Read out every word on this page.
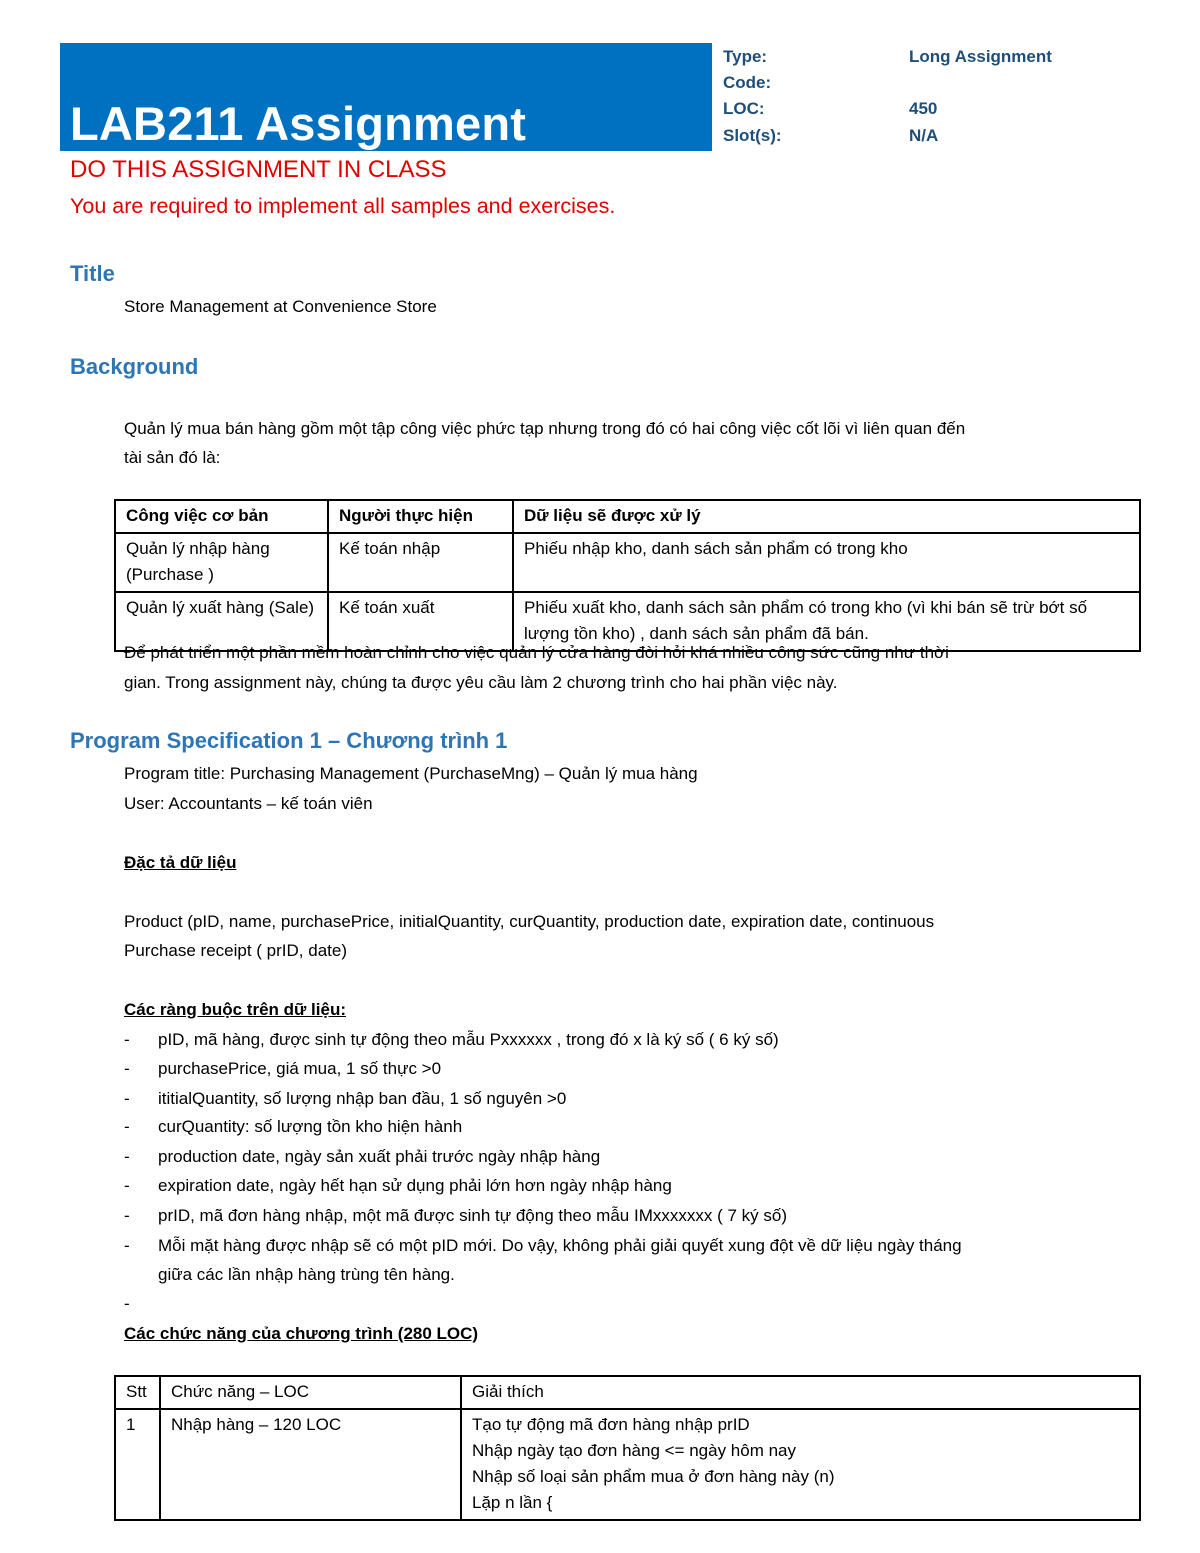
LAB211 Assignment
Type:	Long Assignment
Code:
LOC:	450
Slot(s):	N/A
DO THIS ASSIGNMENT IN CLASS
You are required to implement all samples and exercises.
Title
Store Management at Convenience Store
Background
Quản lý mua bán hàng gồm một tập công việc phức tạp nhưng trong đó có hai công việc cốt lõi vì liên quan đến
tài sản đó là:
Công việc cơ bản	Người thực hiện	Dữ liệu sẽ được xử lý
Quản lý nhập hàng (Purchase )	Kế toán nhập	Phiếu nhập kho, danh sách sản phẩm có trong kho
Quản lý xuất hàng (Sale)	Kế toán xuất	Phiếu xuất kho, danh sách sản phẩm có trong kho (vì khi bán sẽ trừ bớt số lượng tồn kho) , danh sách sản phẩm đã bán.
Để phát triển một phần mềm hoàn chỉnh cho việc quản lý cửa hàng đòi hỏi khá nhiều công sức cũng như thời
gian. Trong assignment này, chúng ta được yêu cầu làm 2 chương trình cho hai phần việc này.
Program Specification 1 – Chương trình 1
Program title: Purchasing Management (PurchaseMng) – Quản lý mua hàng
User: Accountants – kế toán viên
Đặc tả dữ liệu
Product (pID, name, purchasePrice, initialQuantity, curQuantity, production date, expiration date, continuous
Purchase receipt ( prID, date)
Các ràng buộc trên dữ liệu:
- pID, mã hàng, được sinh tự động theo mẫu Pxxxxxx , trong đó x là ký số ( 6 ký số)
- purchasePrice, giá mua, 1 số thực >0
- ititialQuantity, số lượng nhập ban đầu, 1 số nguyên >0
- curQuantity: số lượng tồn kho hiện hành
- production date, ngày sản xuất phải trước ngày nhập hàng
- expiration date, ngày hết hạn sử dụng phải lớn hơn ngày nhập hàng
- prID, mã đơn hàng nhập, một mã được sinh tự động theo mẫu IMxxxxxxx ( 7 ký số)
- Mỗi mặt hàng được nhập sẽ có một pID mới. Do vậy, không phải giải quyết xung đột về dữ liệu ngày tháng
giữa các lần nhập hàng trùng tên hàng.
-
Các chức năng của chương trình (280 LOC)
Stt	Chức năng – LOC	Giải thích
1	Nhập hàng – 120 LOC	Tạo tự động mã đơn hàng nhập prID
Nhập ngày tạo đơn hàng <= ngày hôm nay
Nhập số loại sản phẩm mua ở đơn hàng này (n)
Lặp n lần {
